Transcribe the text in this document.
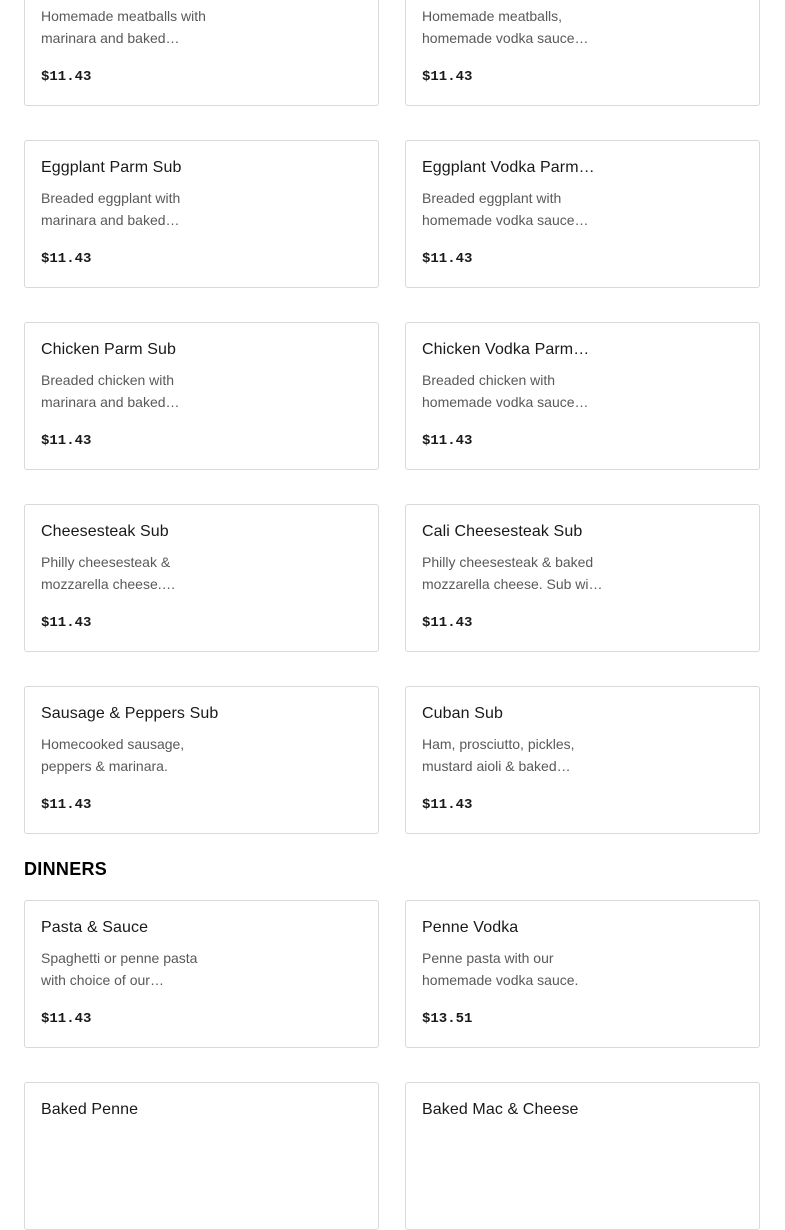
Homemade meatballs with
marinara and baked…
$11.43
Homemade meatballs,
homemade vodka sauce…
$11.43
Eggplant Parm Sub
Breaded eggplant with
marinara and baked…
$11.43
Eggplant Vodka Parm…
Breaded eggplant with
homemade vodka sauce…
$11.43
Chicken Parm Sub
Breaded chicken with
marinara and baked…
$11.43
Chicken Vodka Parm…
Breaded chicken with
homemade vodka sauce…
$11.43
Cheesesteak Sub
Philly cheesesteak &
mozzarella cheese.…
$11.43
Cali Cheesesteak Sub
Philly cheesesteak & baked
mozzarella cheese. Sub wi…
$11.43
Sausage & Peppers Sub
Homecooked sausage,
peppers & marinara.
$11.43
Cuban Sub
Ham, prosciutto, pickles,
mustard aioli & baked…
$11.43
DINNERS
Pasta & Sauce
Spaghetti or penne pasta
with choice of our…
$11.43
Penne Vodka
Penne pasta with our
homemade vodka sauce.
$13.51
Baked Penne	Baked Mac & Cheese
